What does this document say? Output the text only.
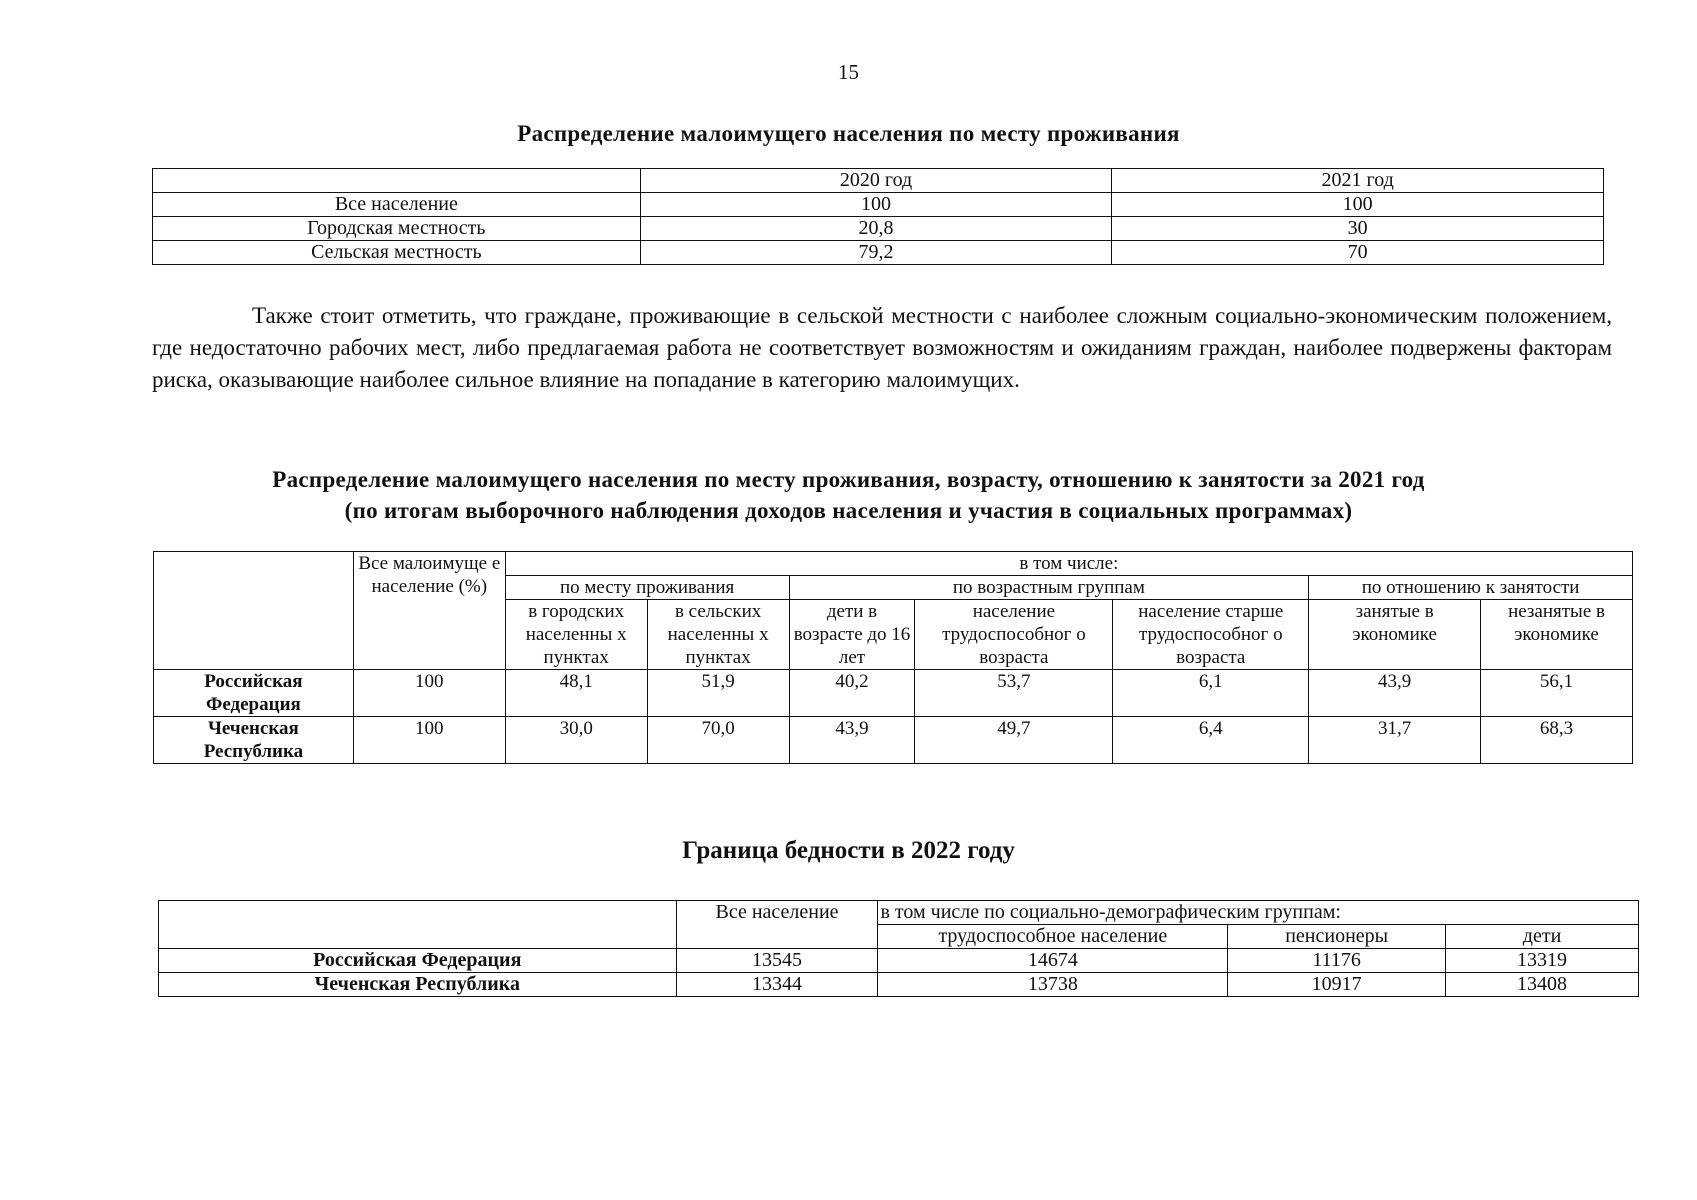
15
Распределение малоимущего населения по месту проживания
	2020 год	2021 год
Все население	100	100
Городская местность	20,8	30
Сельская местность	79,2	70
Также стоит отметить, что граждане, проживающие в сельской местности с наиболее сложным социально-экономическим положением, где недостаточно рабочих мест, либо предлагаемая работа не соответствует возможностям и ожиданиям граждан, наиболее подвержены факторам риска, оказывающие наиболее сильное влияние на попадание в категорию малоимущих.
Распределение малоимущего населения по месту проживания, возрасту, отношению к занятости за 2021 год
(по итогам выборочного наблюдения доходов населения и участия в социальных программах)
	Все малоимуще е население (%)	в том числе:						
		по месту проживания		по возрастным группам			по отношению к занятости	
		в городских населенны х пунктах	в сельских населенны х пунктах	дети в возрасте до 16 лет	население трудоспособног о возраста	население старше трудоспособног о возраста	занятые в экономике	незанятые в экономике
Российская Федерация	100	48,1	51,9	40,2	53,7	6,1	43,9	56,1
Чеченская Республика	100	30,0	70,0	43,9	49,7	6,4	31,7	68,3
Граница бедности в 2022 году
	Все население	в том числе по социально-демографическим группам:		
		трудоспособное население	пенсионеры	дети
Российская Федерация	13545	14674	11176	13319
Чеченская Республика	13344	13738	10917	13408
